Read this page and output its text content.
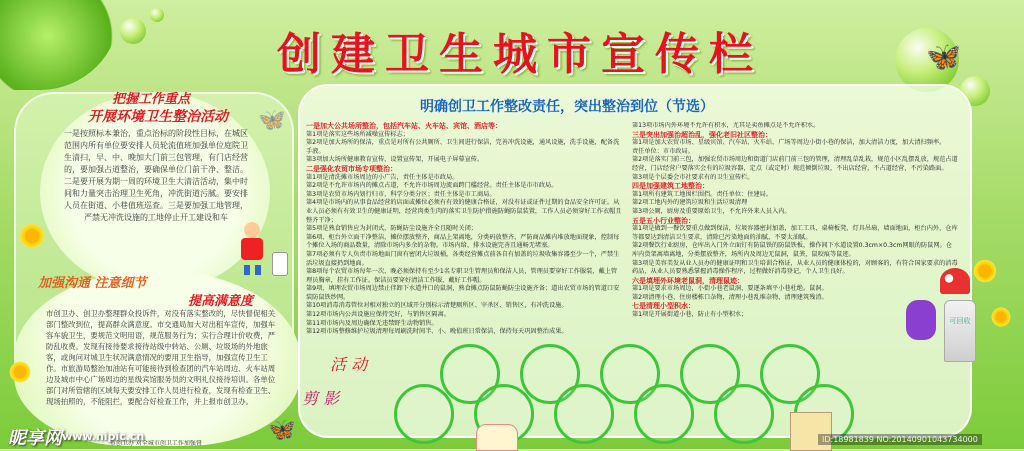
创建卫生城市宣传栏	🦋
🦋
🦋
把握工作重点
开展环境卫生整治活动
一是按照标本兼治，重点治标的阶段性目标，在城区范围内所有单位要安排人员轮流值班加强单位庭院卫生清扫，早、中、晚加大门前三包管理，有门店经营的，要加强占道整治，要确保单位门前干净、整洁。二是要开展为期一周的环境卫生大清洁活动，集中时间和力量突击治理卫生死角，冲洗街道污腻。要安排人员在街道、小巷值班巡查。三是要加强工地管理，严禁无冲洗设施的工地停止开工建设和车

加强沟通 注意细节
提高满意度
市创卫办、创卫办整理群众投诉件，对没有落实整改的，尽快督促相关部门整改到位，提高群众满意度。市交通局加大对出租车宣传，加强车容车貌卫生，要规范文明用语，规范服务行为；实行合理计价收费，严防乱收费。发现有接待要求接待站级中转站、公厕、垃圾场的外地旅客，或询问对城卫生状况满意情况的要用卫生指导，加强宣传卫生工作。市旅游局整治加油站有可能接待到检查团的汽车站周边、火车站周边及城市中心广场周边的星级宾馆服务员的文明礼仪接待培训。各单位部门对所管辖的区域每天要安排工作人员进行检查，发现有检查卫生、现场拍照的，不能阻拦，要配合好检查工作，并上报市创卫办。
市创卫办 对全城市创卫工作加强督
明确创卫工作整改责任，突出整治到位（节选）
一是加大公共场所整治，包括汽车站、火车站、宾馆、酒店等：
第1项是落实这些场所减噪宣传标志；
第2项是加大场所的保洁，重点是对所有公共厕所、卫生间进行保洁，完善冲洗设施，通风设施，洗手设施，配备洗手液。
第3项加大场所健康教育宣传，设置宣传架，开展电子屏幕宣传。
二是强化农贸市场专项整治：
第1项是清洗摊市场周边的小广告，责任主体是市政局。
第2项是不允许市场内的摊点占道，不允许市场周边流面跨门槛经营。责任主体是市市政局。
第3项是农贸市场内划行归市，科学分类分区；责任主体是市工商局。
第4项是市场内的从事食品经营的店面或摊位必须有有效的健康合格证，对没有证或证件过期的食品安全许可证。从业人员必须有有效卫生的健康证明，经营肉类生肉的落实卫生防护措施防蝇防鼠装置，工作人员必须穿好工作衣帽且整齐干净；
第5项是熟食销售应为封闭式，防蝇防尘设施齐全且随时关闭；
第6项、柜台外立面干净整洁，摊位摆放整齐，商品上架离地，分类码放整齐，严防商品摊内堆放地面现象，控制每个摊位入场的商品数量，清除市场内多余的杂物。市场内给、排水设施完善且通畅无堵塞。
第7项必须有专人负责市场地面门窗有密闭大垃圾桶，各类经营摊点前各自有加盖的垃圾收集容器至少一个，严禁生活垃圾直接扔到地面。
第8项每个农贸市场每年一次、晚必须保持有至少1名专职卫生管理员和保洁人员，管理员要穿好工作服装，戴上管理员胸章，挂有工作证。保洁员要穿好清洁工作服，戴好工作帽。
第9项，填埋农贸市场周边禁止伴卸下水道井口的鼠洞，熟食摊点防鼠防蝇防尘设施齐备；道出农贸市场的管道口安装防鼠铁纱网。
第10项消毒消毒管位对相对独立的区域开分别标示清楚厕所区、宰杀区、销售区，有冲洗设施。
第12项市场内公共设施应保持完好，与销售区隔离。
第11项市场内及周边确保无违禁野生动物销售。
第12项市场整修维护垃圾清理每周刷洗时间半、小、晚值班日常保洁，保持每天巩固整治成果。
第13项市场内外环境不允许有积水，尤其是卖鱼摊点是不允许积水。
三是突出加强治超治乱，强化老旧社区整治：
第1项是加大农贸市场、星级宾馆、汽车站、火车站、广场等周边小街小巷的保洁，加大清洁力度，加大清扫频率。
责任单位：市市政局。
第2项是落实门前三包，加强农贸市场周边和街道门店前门前三包的管理，清理乱草乱栽，规范小区乱摆乱放，规范占道经营，门店经营户要落实会有的垃圾容器，定点（或定时）规范倾倒垃圾，不出店经营，不占道经营，不污染路面。
第3项是个层委会市社要求有的卫生宣传栏。
四是加强建筑工地整治：
第1项所有建筑工地围栏围挡。责任单位：住建局。
第2项工地内外的建筑垃圾和生活垃圾清理
第3项公厕，厨房及重要原始卫生，不允许外来人员入内。
五是五小行业整治：
第1项是做到一餐饮要重点做到保洁，垃圾容器密封加盖，加工工具、桌椅板凳，灯具吊扇，墙面地面，柜台内外，仓库等都要达到清洁卫生要求，清除已污染地面的油腻，不要太油腻。
第2项餐饮行业厨房，仓库出入门外立面钉有防鼠铁的防鼠铁板，操作间下水道设置0.3cm×0.3cm网眼的防鼠网。仓库内货架离墙离地，分类摆放整齐，场所内及周边无鼠洞，鼠粪，鼠咬痕等鼠迹。
第3项是美容美发从业人员办的健康证明和卫生培训合格证，从业人员的健康体检的，对顾客的，有符合国家要求的消毒药品，从业人员要熟悉掌握消毒操作程序，过程做好消毒登记，个人卫生良好。
六是填埋外环境老鼠洞，清理鼠迹：
第1项是要求市场周边，小街小巷老鼠洞，要逐条填平小巷杜绝。鼠洞。
第2项清理小巷、住房楼栋口杂物，清理小巷乱堆杂物，清理建筑残渣。
七是清理小型积水：
第1项是开展街道小巷，防止有小型积水；
活 动
剪 影
可回收
昵享网 www.nipic.cn	ID:18981839 NO:20140901043734000
